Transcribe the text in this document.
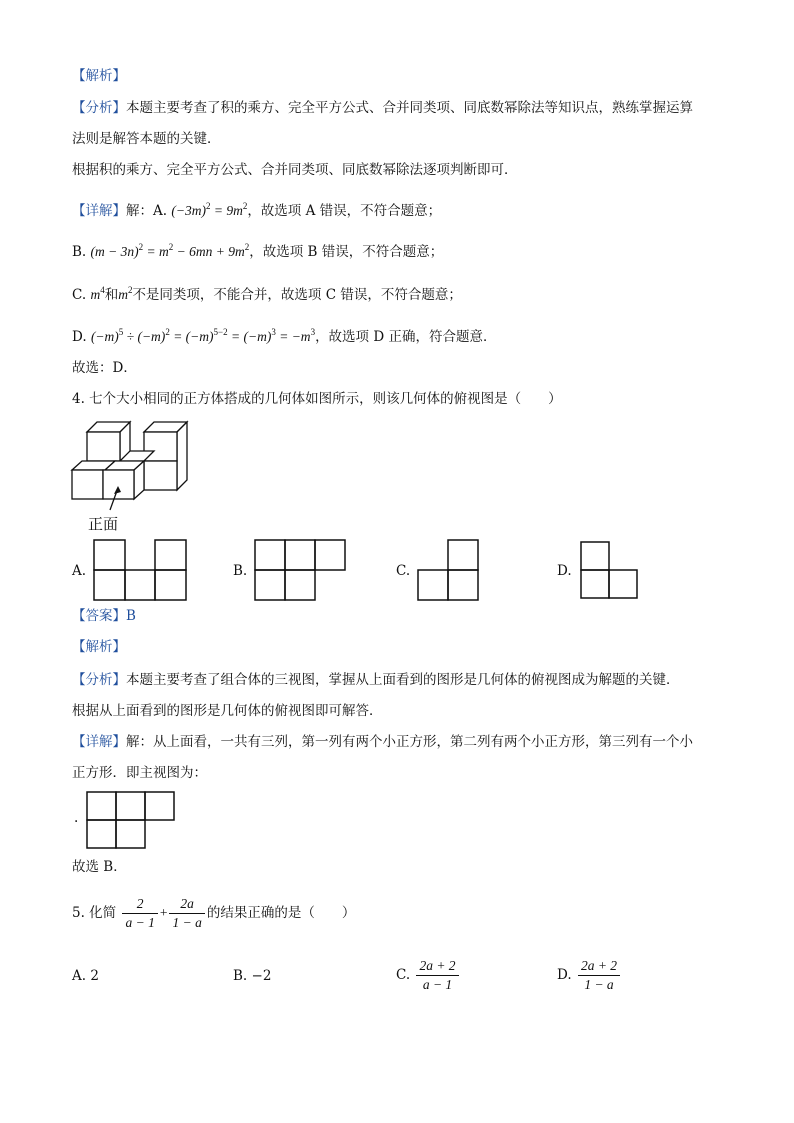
【解析】
【分析】本题主要考查了积的乘方、完全平方公式、合并同类项、同底数幂除法等知识点，熟练掌握运算
法则是解答本题的关键．
根据积的乘方、完全平方公式、合并同类项、同底数幂除法逐项判断即可．
【详解】解：A. $(-3m)^2 = 9m^2$，故选项 A 错误，不符合题意；
B. $(m - 3n)^2 = m^2 - 6mn + 9m^2$，故选项 B 错误，不符合题意；
C. $m^4$和$m^2$不是同类项，不能合并，故选项 C 错误，不符合题意；
D. $(-m)^5 \div (-m)^2 = (-m)^{5-2} = (-m)^3 = -m^3$，故选项 D 正确，符合题意．
故选：D．
4. 七个大小相同的正方体搭成的几何体如图所示，则该几何体的俯视图是（　　）
正面
A.	B.	C.	D.
【答案】B
【解析】
【分析】本题主要考查了组合体的三视图，掌握从上面看到的图形是几何体的俯视图成为解题的关键．
根据从上面看到的图形是几何体的俯视图即可解答．
【详解】解：从上面看，一共有三列，第一列有两个小正方形，第二列有两个小正方形，第三列有一个小
正方形．即主视图为：
.
故选 B．
5. 化简 $\frac{2}{a - 1} + \frac{2a}{1 - a}$ 的结果正确的是（　　）
A. 2	B. −2	C. $\frac{2a + 2}{a - 1}$	D. $\frac{2a + 2}{1 - a}$
